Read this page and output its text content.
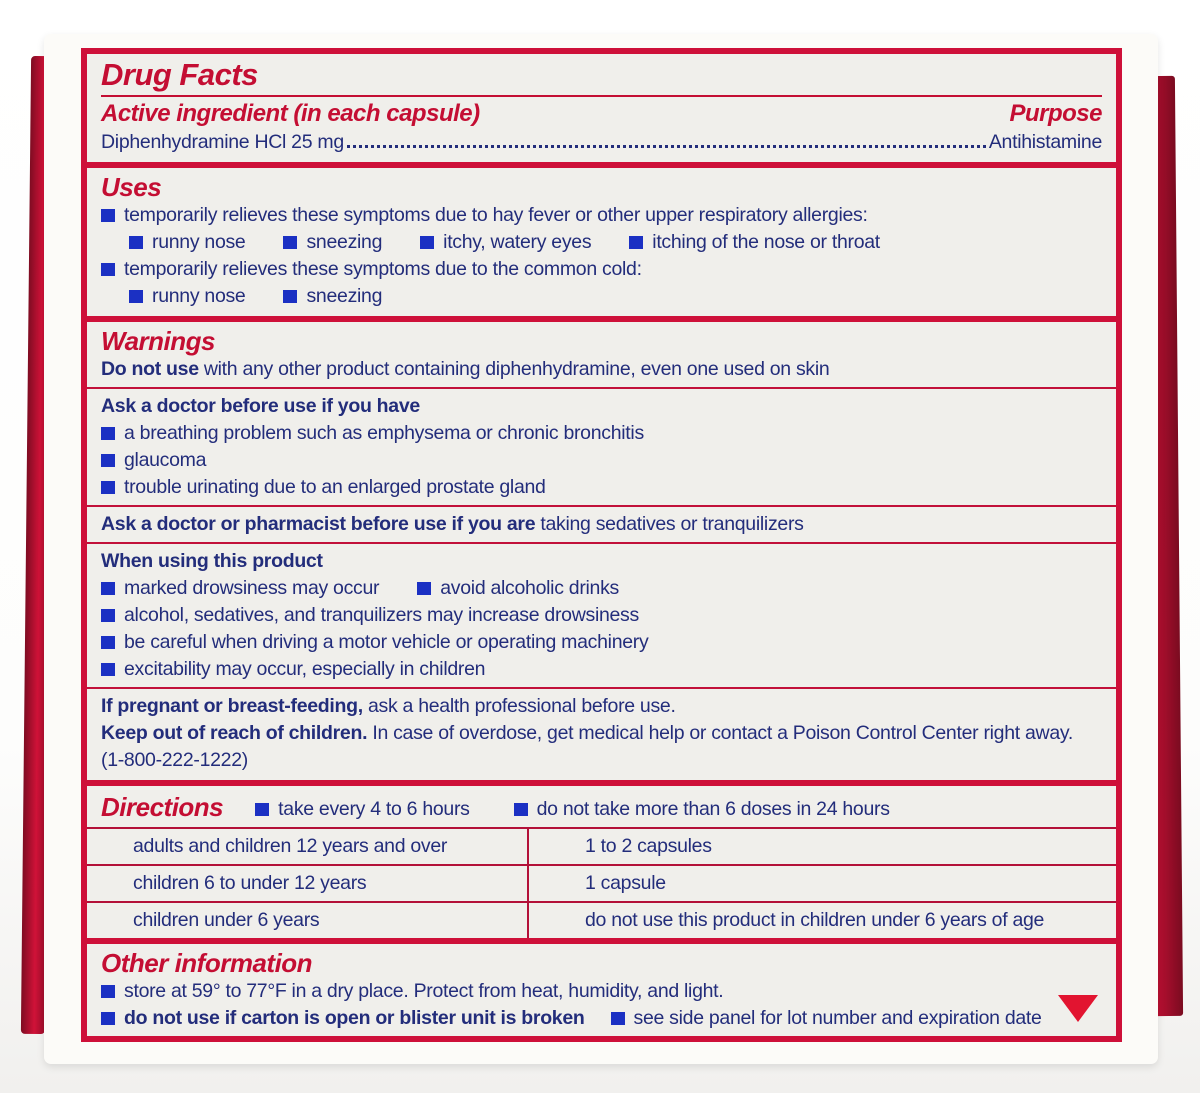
Drug Facts
Active ingredient (in each capsule)	Purpose
Diphenhydramine HCl 25 mg	Antihistamine
Uses
temporarily relieves these symptoms due to hay fever or other upper respiratory allergies:
runny nose	sneezing	itchy, watery eyes	itching of the nose or throat
temporarily relieves these symptoms due to the common cold:
runny nose	sneezing
Warnings
Do not use with any other product containing diphenhydramine, even one used on skin
Ask a doctor before use if you have
a breathing problem such as emphysema or chronic bronchitis
glaucoma
trouble urinating due to an enlarged prostate gland
Ask a doctor or pharmacist before use if you are taking sedatives or tranquilizers
When using this product
marked drowsiness may occur	avoid alcoholic drinks
alcohol, sedatives, and tranquilizers may increase drowsiness
be careful when driving a motor vehicle or operating machinery
excitability may occur, especially in children
If pregnant or breast-feeding, ask a health professional before use.
Keep out of reach of children. In case of overdose, get medical help or contact a Poison Control Center right away.
(1-800-222-1222)
Directions	take every 4 to 6 hours	do not take more than 6 doses in 24 hours
adults and children 12 years and over	1 to 2 capsules
children 6 to under 12 years	1 capsule
children under 6 years	do not use this product in children under 6 years of age
Other information
store at 59° to 77°F in a dry place. Protect from heat, humidity, and light.
do not use if carton is open or blister unit is broken	see side panel for lot number and expiration date
